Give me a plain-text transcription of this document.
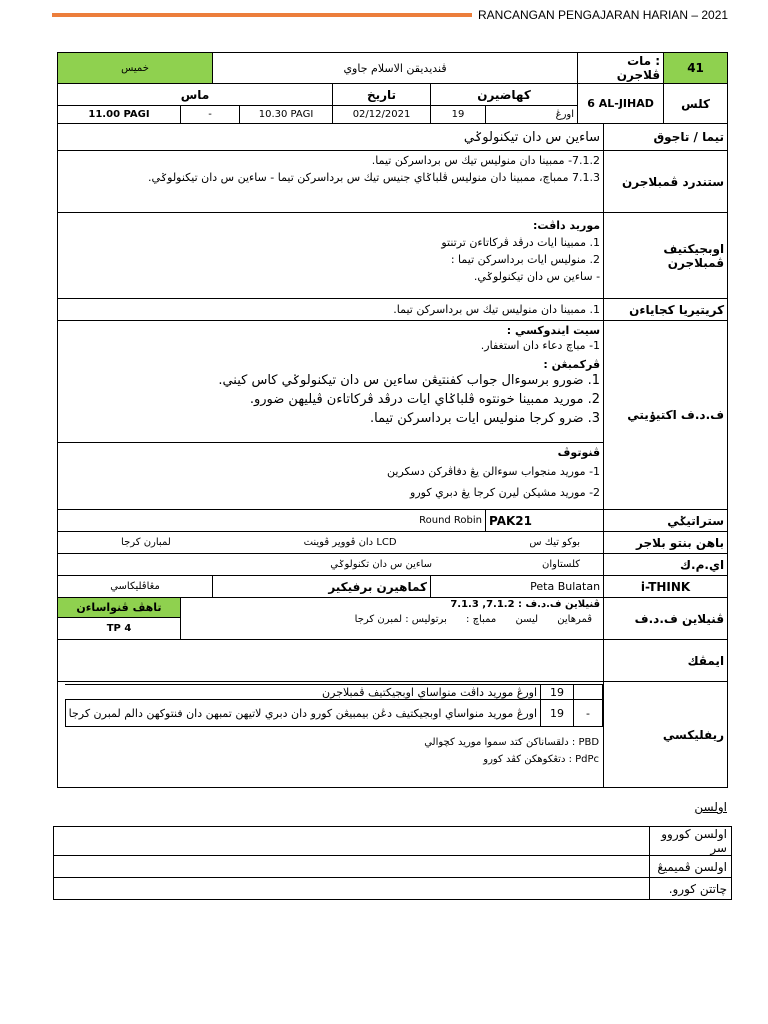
RANCANGAN PENGAJARAN HARIAN – 2021
خميس	ڤنديديقن الاسلام جاوي	: مات ڤلاجرن	41
ماس	تاريخ	كهاضيرن	6 AL-JIHAD	كلس
11.00 PAGI	-	10.30 PAGI	02/12/2021	19	اورڠ
ساءين س دان تيكنولوݢي	تيما / تاجوق

7.1.2- ممبينا دان منوليس تيك س برداسركن تيما.
7.1.3 ممباچ، ممبينا دان منوليس ڤلباݢاي جنيس تيك س برداسركن تيما - ساءين س دان تيكنولوݢي.	ستندرد ڤمبلاجرن

موريد داڤت:
1. ممبينا ايات درڤد ڤركاتاءن ترتنتو
2. منوليس ايات برداسركن تيما :
- ساءين س دان تيكنولوݢي.
	اوبجيكتيف ڤمبلاجرن
1. ممبينا دان منوليس تيك س برداسركن تيما.	كريتيريا كجاياءن

سيت ايندوكسي :
1- مباچ دعاء دان استغفار.
ڤركمبڠن :
1. ضورو برسوءال جواب كفنتيڠن ساءين س دان تيكنولوݢي كاس كيني.
2. موريد ممبينا خونتوه ڤلباݢاي ايات درڤد ڤركاتاءن ڤيليهن ضورو.
3. ضرو كرجا منوليس ايات برداسركن تيما.	ف.د.ف اكتيۏيتي

ڤنوتوڤ
1- موريد منجواب سوءالن يڠ دفاڤركن دسكرين
2- موريد مشيكن ليرن كرجا يڠ دبري كورو

Round Robin	PAK21	ستراتيݢي

بوكو تيك س
LCD دان ڤووير ڤوينت
لمبارن كرجا	باهن بنتو بلاجر

كلستاوان
ساءين س دان تكنولوݢي	اي.م.ك
مڠاڤليكاسي	كماهيرن برفيكير	Peta Bulatan	i-THINK
تاهڤ ڤنواساءن	ڤنيلاين ف.د.ف : 7.1.2, 7.1.3
ڤمرهاين ليسن ممباچ : برتوليس : لمبرن كرجا	ڤنيلاين ف.د.ف
TP 4
	ايمڤك

اورڠ موريد داڤت منواساي اوبجيكتيف ڤمبلاجرن	19	
اورڠ موريد منواساي اوبجيكتيف دڠن بيمبيڠن كورو دان دبري لاتيهن تمبهن دان فنتوكهن دالم لمبرن كرجا	19	-
PBD : دلقساناكن كتد سموا موريد كچوالي
PdPc : دتڠكوهكن كڤد كورو
	ريفليكسي
اولسن
	اولسن كوروو سر
	اولسن ڤميميڠ
	چاتتن كورو.
